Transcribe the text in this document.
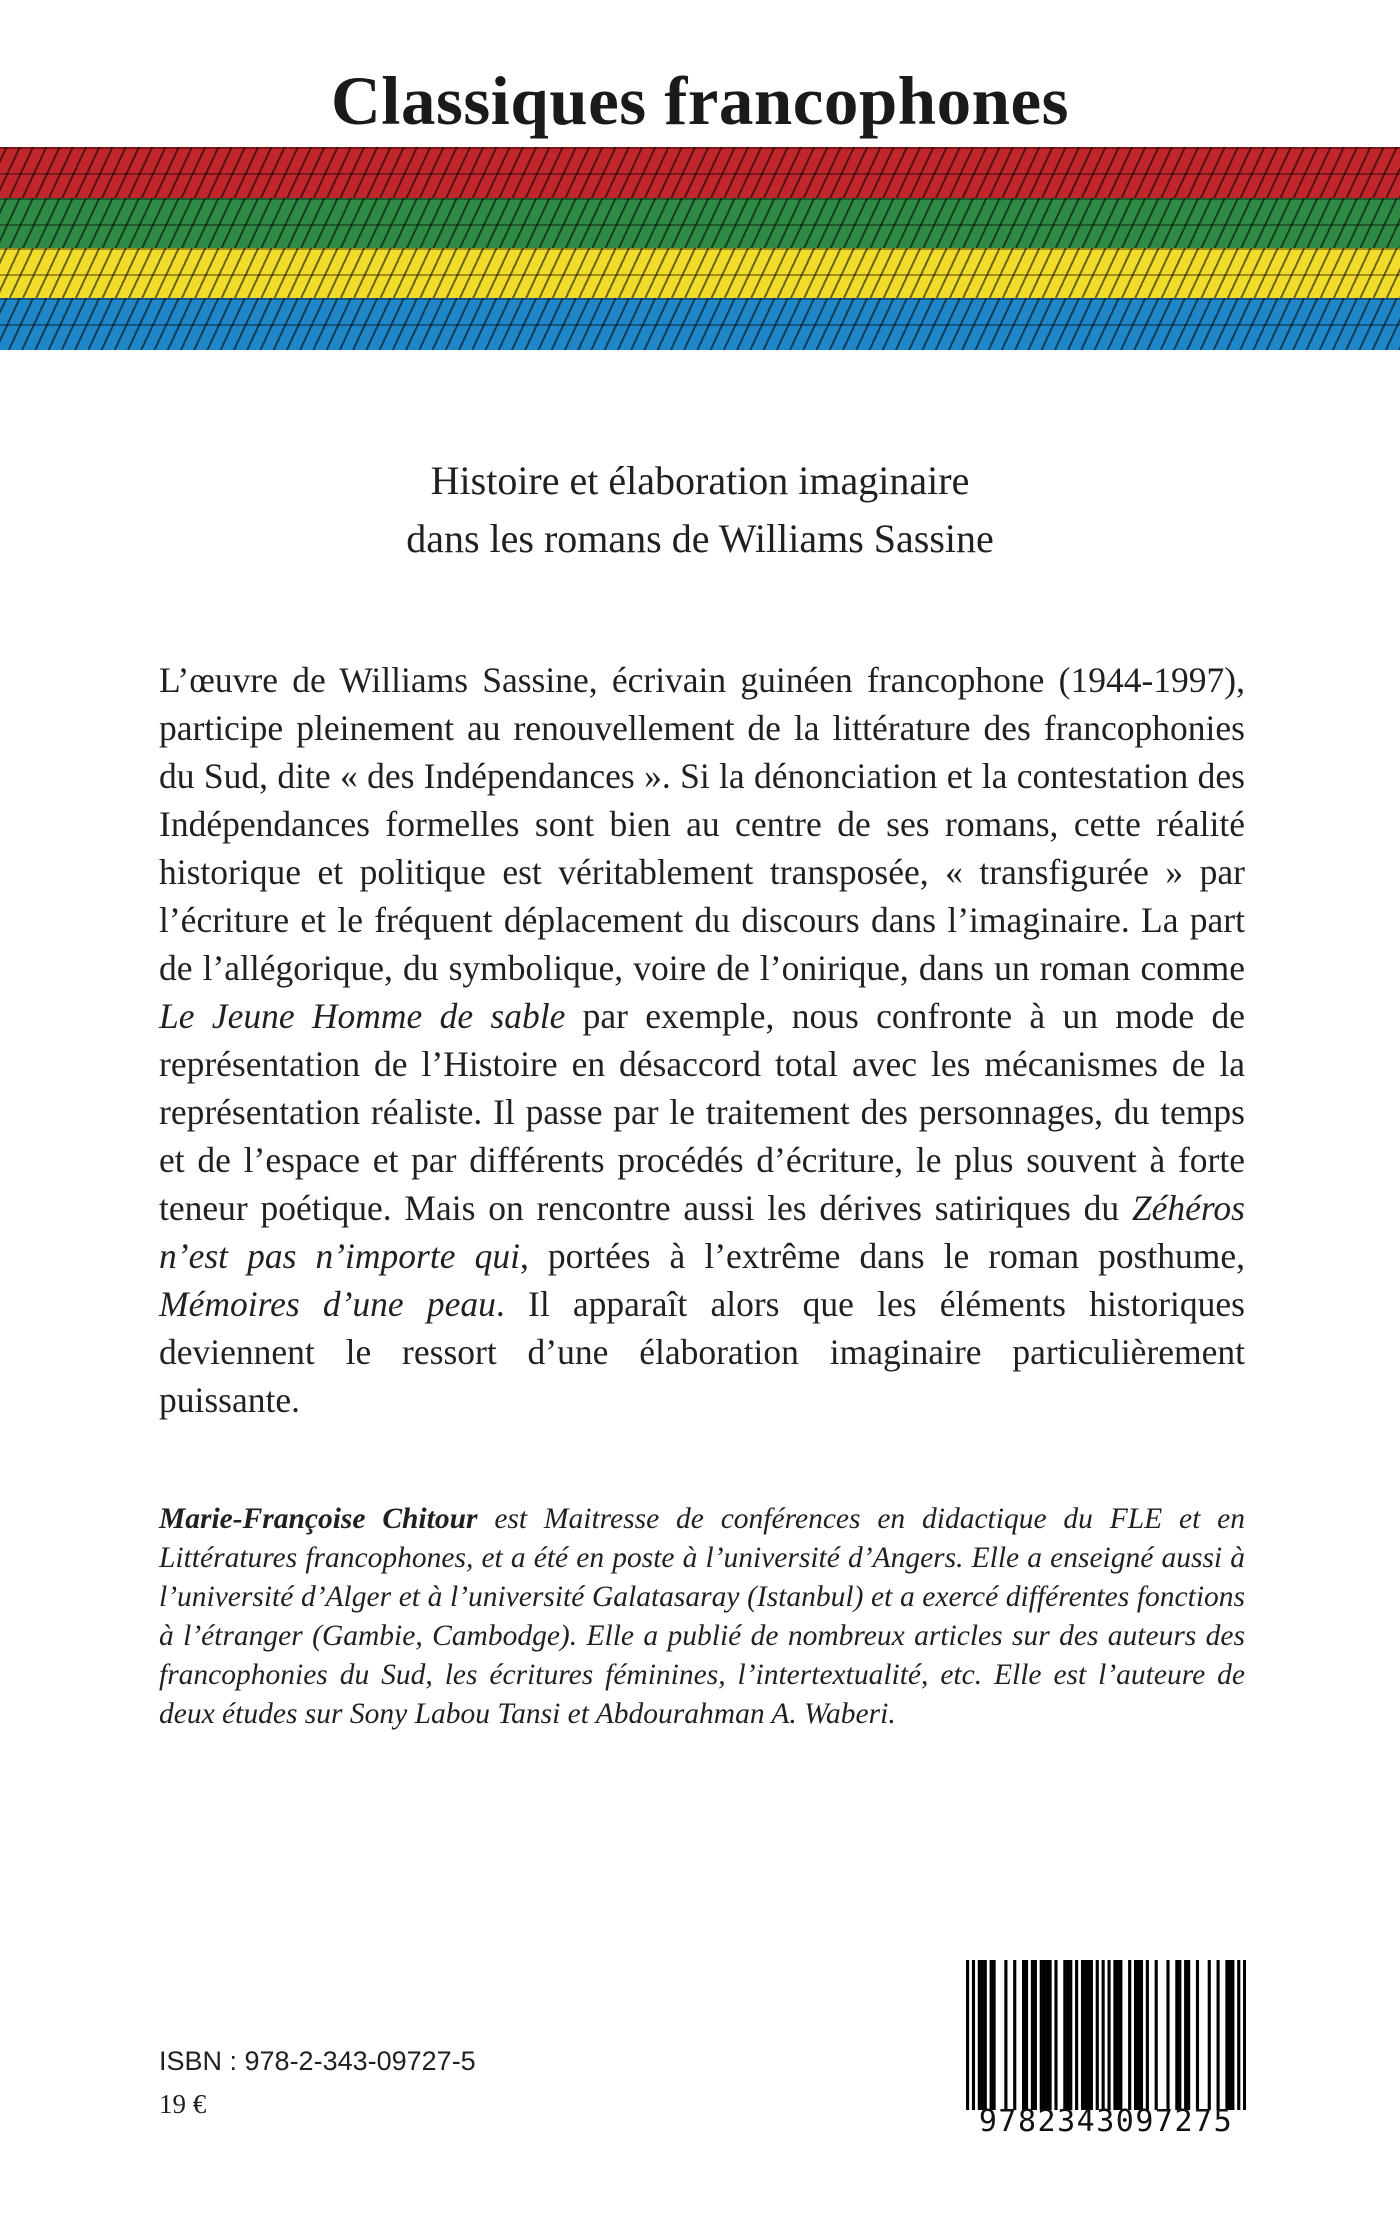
Classiques francophones
Histoire et élaboration imaginaire
dans les romans de Williams Sassine

L’œuvre de Williams Sassine, écrivain guinéen francophone (1944-1997), participe pleinement au renouvellement de la littérature des francophonies du Sud, dite « des Indépendances ». Si la dénonciation et la contestation des Indépendances formelles sont bien au centre de ses romans, cette réalité historique et politique est véritablement transposée, « transfigurée » par l’écriture et le fréquent déplacement du discours dans l’imaginaire. La part de l’allégorique, du symbolique, voire de l’onirique, dans un roman comme Le Jeune Homme de sable par exemple, nous confronte à un mode de représentation de l’Histoire en désaccord total avec les mécanismes de la représentation réaliste. Il passe par le traitement des personnages, du temps et de l’espace et par différents procédés d’écriture, le plus souvent à forte teneur poétique. Mais on rencontre aussi les dérives satiriques du Zéhéros n’est pas n’importe qui, portées à l’extrême dans le roman posthume, Mémoires d’une peau. Il apparaît alors que les éléments historiques deviennent le ressort d’une élaboration imaginaire particulièrement puissante.

Marie-Françoise Chitour est Maitresse de conférences en didactique du FLE et en Littératures francophones, et a été en poste à l’université d’Angers. Elle a enseigné aussi à l’université d’Alger et à l’université Galatasaray (Istanbul) et a exercé différentes fonctions à l’étranger (Gambie, Cambodge). Elle a publié de nombreux articles sur des auteurs des francophonies du Sud, les écritures féminines, l’intertextualité, etc. Elle est l’auteure de deux études sur Sony Labou Tansi et Abdourahman A. Waberi.

ISBN : 978-2-343-09727-5
19 €	9782343097275
